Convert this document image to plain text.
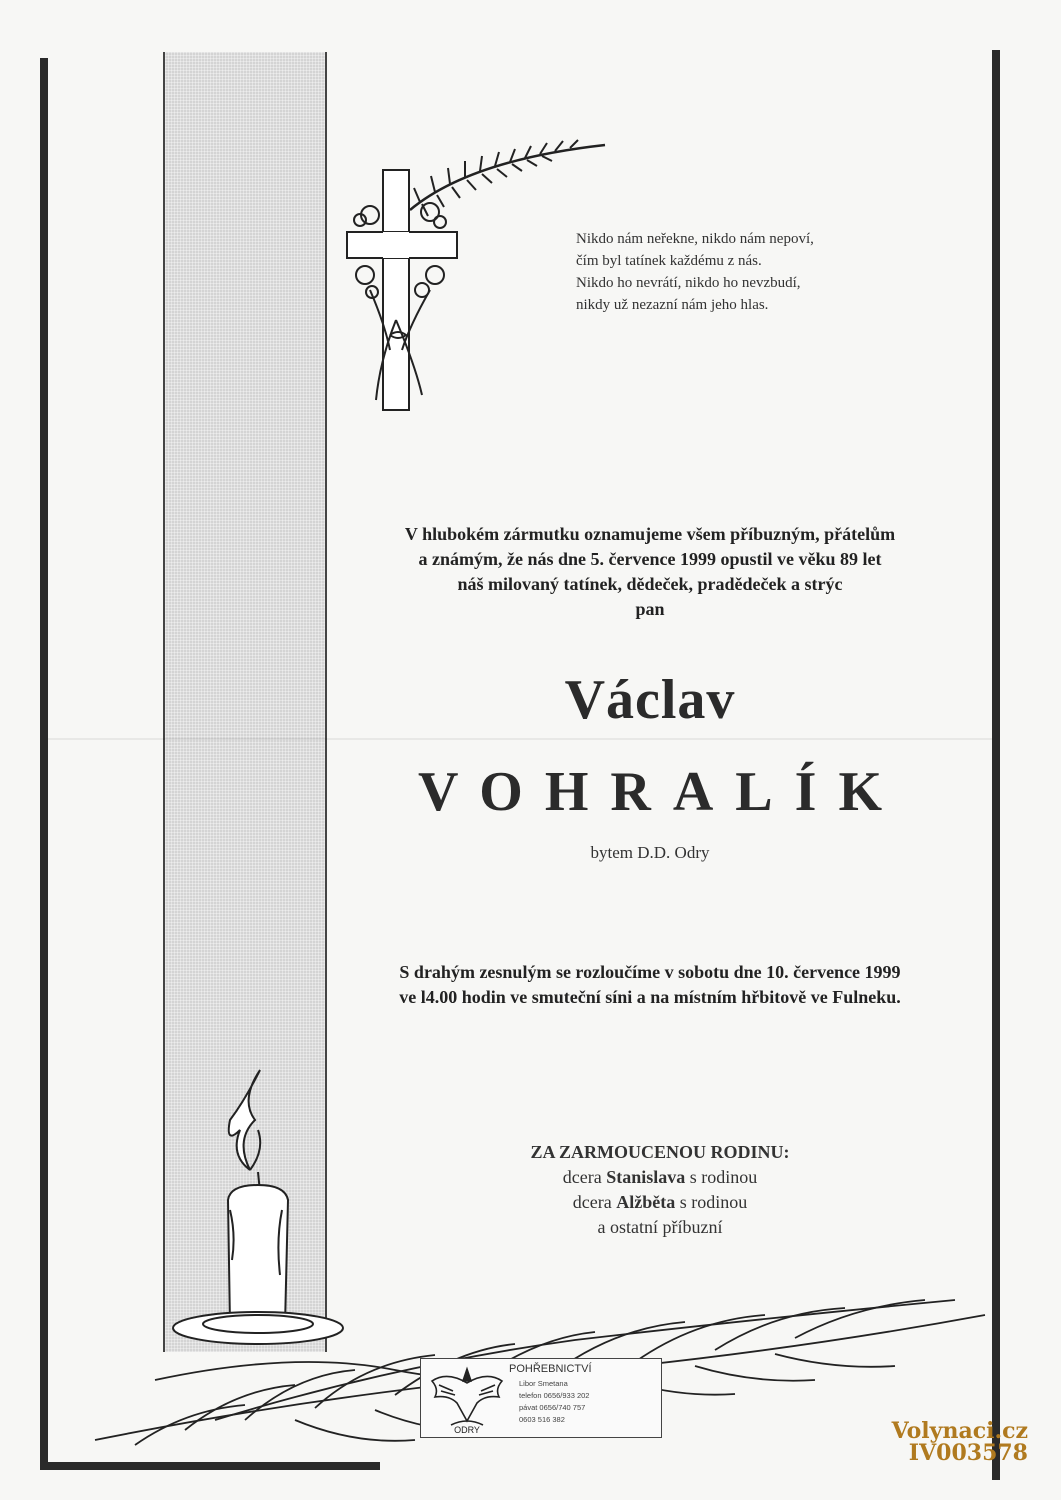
Nikdo nám neřekne, nikdo nám nepoví,
čím byl tatínek každému z nás.
Nikdo ho nevrátí, nikdo ho nevzbudí,
nikdy už nezazní nám jeho hlas.
V hlubokém zármutku oznamujeme všem příbuzným, přátelům
a známým, že nás dne 5. července 1999 opustil ve věku 89 let
náš milovaný tatínek, dědeček, pradědeček a strýc
pan
Václav
VOHRALÍK
bytem D.D. Odry
S drahým zesnulým se rozloučíme v sobotu dne 10. července 1999
ve l4.00 hodin ve smuteční síni a na místním hřbitově ve Fulneku.
ZA ZARMOUCENOU RODINU:
dcera Stanislava s rodinou
dcera Alžběta s rodinou
a ostatní příbuzní
ODRY
POHŘEBNICTVÍ
Libor Smetana
telefon 0656/933 202
pávat 0656/740 757
0603 516 382	Volynaci.cz
IV003578
